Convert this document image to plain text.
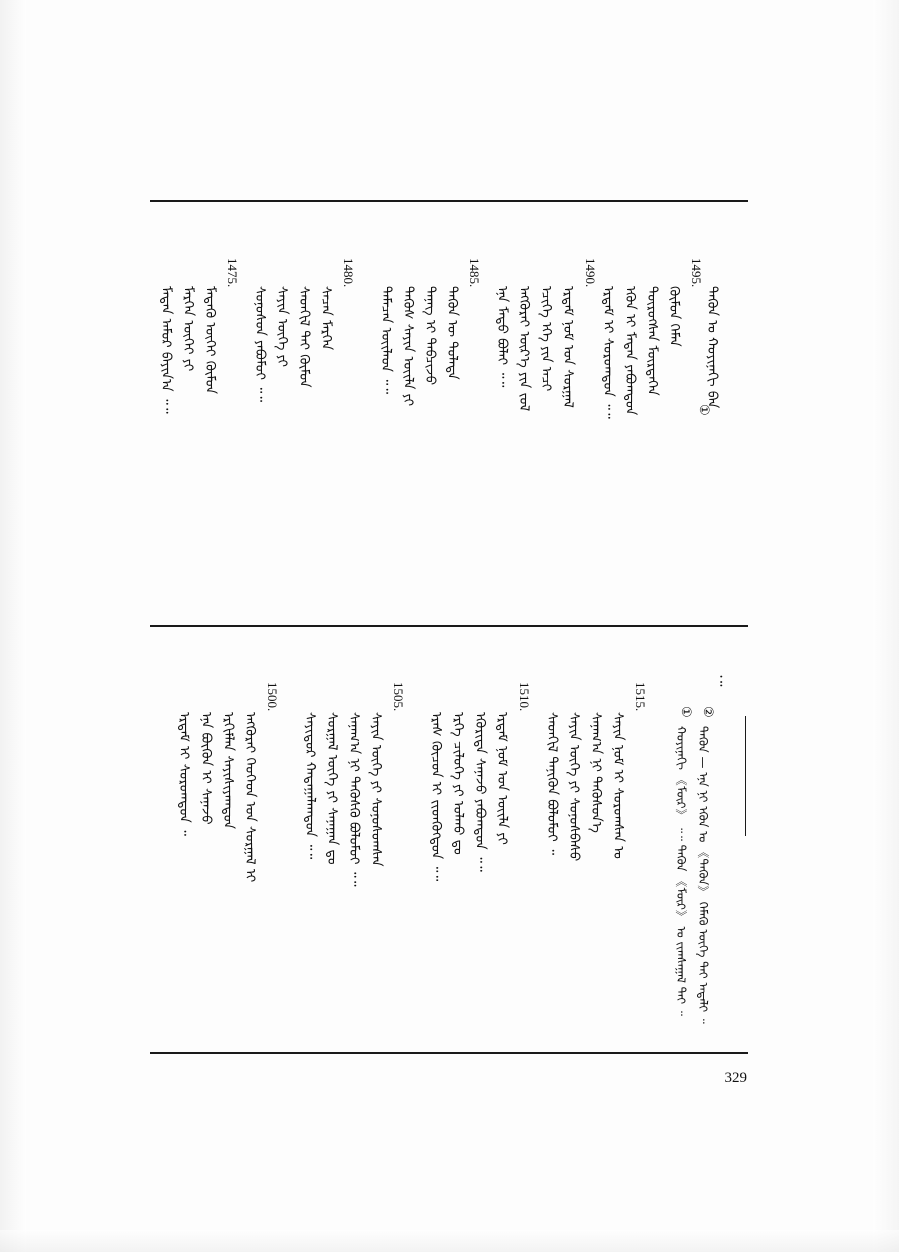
ᠲᠡᠭᠦᠨ ᠤ ᠬᠣᠶᠢᠨᠠᠬᠢ ᠪᠠᠨ
①
1495.
ᠬᠦᠮᠦᠨ ᠬᠡᠮᠡᠨ
ᠲᠦᠷᠦᠭᠰᠡᠨ ᠮᠥᠷᠲᠡᠭᠡᠨ
ᠡᠭᠦᠨ ᠢ ᠮᠡᠳᠡᠨ ᠶᠠᠪᠤᠭᠲᠤᠨ
ᠡᠷᠳᠡᠮ ᠢ ᠰᠤᠷᠤᠭᠲᠤᠨ ᠃᠃
1490.
ᠡᠷᠳᠡᠮ ᠨᠣᠮ ᠤᠨ ᠰᠤᠷᠭᠠᠯ
ᠡᠴᠢᠭᠡ ᠡᠬᠡ ᠶᠢᠨ ᠠᠴᠢ
ᠡᠩᠬᠦᠷᠡᠢ ᠦᠷ᠎ᠡ ᠶᠢᠨ ᠵᠣᠯ
ᠡᠨᠡ ᠮᠡᠲᠦ ᠪᠣᠯᠠᠢ ᠃᠃
1485.
ᠲᠡᠭᠦᠨ ᠦ ᠲᠤᠯᠠᠳᠠ
ᠲᠡᠨᠡᠭ ᠢ ᠲᠡᠪᠴᠢᠵᠦ
ᠲᠡᠭᠦᠰ ᠰᠠᠶᠢᠨ ᠦᠢᠯᠡ ᠶᠢ
ᠲᠡᠮᠡᠴᠡᠨ ᠦᠢᠯᠡᠳ ᠃᠃
1480.
ᠰᠡᠴᠡᠨ ᠮᠡᠷᠭᠡᠨ
ᠰᠡᠳᠬᠢᠯ ᠲᠡᠢ ᠬᠦᠮᠦᠨ
ᠰᠠᠶᠢᠨ ᠦᠭᠡ ᠶᠢ
ᠰᠣᠨᠣᠰᠤᠨ ᠶᠠᠪᠤᠮᠤᠢ ᠃᠃
1475.
ᠮᠡᠳᠡᠬᠦ ᠦᠭᠡᠢ ᠬᠦᠮᠦᠨ
ᠮᠡᠷᠭᠡᠨ ᠦᠭᠡᠢ ᠶᠢ
ᠮᠡᠳᠡᠨ ᠠᠮᠤᠷ ᠪᠠᠶᠢᠨ᠎ᠠ ᠃᠃
᠂᠃
②
ᠲᠡᠭᠦᠨ — ᠡᠨᠡ ᠨᠢ ᠡᠭᠦᠨ ᠤ 《ᠲᠡᠭᠦᠨ》 ᠬᠡᠮᠡᠬᠦ ᠦᠭᠡ ᠲᠠᠢ ᠠᠳᠠᠯᠢ ᠃
①
ᠬᠣᠶᠢᠨᠠᠬᠢ 《ᠮᠥᠷ》 ᠃᠃ ᠲᠡᠭᠦᠨ 《ᠮᠥᠷ》 ᠤ ᠵᠢᠭᠰᠠᠭᠠᠯ ᠲᠠᠢ ᠃
1515.
ᠰᠠᠶᠢᠨ ᠨᠣᠮ ᠢ ᠰᠤᠷᠤᠭᠰᠠᠨ ᠤ
ᠰᠠᠨᠠᠭ᠎ᠠ ᠨᠢ ᠲᠡᠭᠦᠰᠦᠨ᠎ᠡ
ᠰᠠᠶᠢᠨ ᠦᠭᠡ ᠶᠢ ᠰᠣᠨᠣᠰᠪᠠᠰᠤ
ᠰᠡᠳᠬᠢᠯ ᠲᠡᠨᠢᠭᠦᠨ ᠪᠣᠯᠤᠮᠤᠢ ᠃
1510.
ᠡᠷᠳᠡᠮ ᠨᠣᠮ ᠤᠨ ᠦᠢᠯᠡ ᠶᠢ
ᠡᠭᠦᠷᠢᠳᠡ ᠰᠠᠨᠠᠵᠤ ᠶᠠᠪᠤᠭᠲᠤᠨ ᠃᠃
ᠡᠷᠬᠡ ᠴᠢᠯᠦᠭᠡ ᠶᠢ ᠣᠯᠬᠤ ᠳᠤ
ᠡᠷᠡᠰ ᠬᠦᠴᠦᠨ ᠢ ᠵᠢᠳᠬᠦᠭᠲᠦᠨ ᠃᠃
1505.
ᠰᠠᠶᠢᠨ ᠦᠭᠡ ᠶᠢ ᠰᠣᠨᠣᠰᠤᠭᠰᠠᠨ
ᠰᠠᠨᠠᠭ᠎ᠠ ᠨᠢ ᠲᠡᠭᠦᠰᠬᠦ ᠪᠣᠯᠤᠮᠤᠢ ᠃᠃
ᠰᠤᠷᠭᠠᠯ ᠦᠭᠡ ᠶᠢ ᠰᠠᠨᠠᠭᠠᠨ ᠳᠤ
ᠰᠠᠶᠢᠲᠤᠷ ᠬᠠᠳᠠᠭᠠᠯᠠᠭᠲᠤᠨ ᠃᠃
1500.
ᠡᠩᠬᠦᠷᠡᠢ ᠬᠡᠦᠬᠡᠳ ᠤᠨ ᠰᠤᠷᠭᠠᠯ ᠢ
ᠡᠷᠬᠢᠮᠯᠡᠨ ᠰᠠᠶᠢᠰᠢᠶᠠᠭᠲᠤᠨ
ᠡᠨᠡ ᠪᠦᠬᠦᠨ ᠢ ᠰᠠᠨᠠᠵᠤ
ᠡᠷᠳᠡᠮ ᠢ ᠰᠤᠷᠤᠭᠲᠤᠨ ᠃
329
